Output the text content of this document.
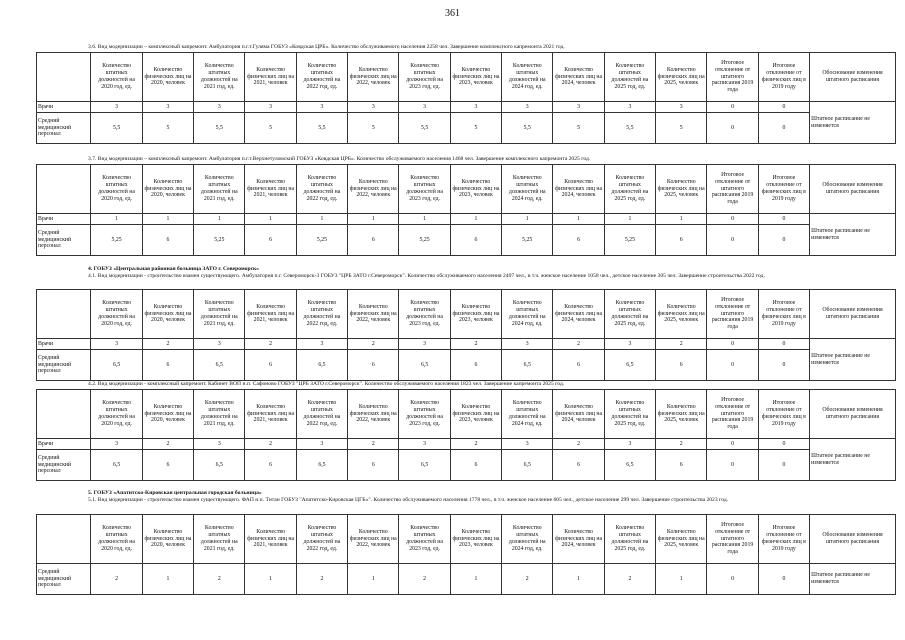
361
3.6. Вид модернизации – комплексный капремонт. Амбулатория п.г.т.Гуляма ГОБУЗ «Ковдская ЦРБ». Количество обслуживаемого населения 2258 чел. Завершение комплексного капремонта 2021 год.
	Количество штатных должностей на 2020 год, ед.	Количество физических лиц на 2020, человек	Количество штатных должностей на 2021 год, ед.	Количество физических лиц на 2021, человек	Количество штатных должностей на 2022 год, ед.	Количество физических лиц на 2022, человек	Количество штатных должностей на 2023 год, ед.	Количество физических лиц на 2023, человек	Количество штатных должностей на 2024 год, ед.	Количество физических лиц на 2024, человек	Количество штатных должностей на 2025 год, ед.	Количество физических лиц на 2025, человек	Итоговое отклонение от штатного расписания 2019 года	Итоговое отклонение от физических лиц в 2019 году	Обоснование изменения штатного расписания
Врачи	3	3	3	3	3	3	3	3	3	3	3	3	0	0	Штатное расписание не изменяется
Средний медицинский персонал	5,5	5	5,5	5	5,5	5	5,5	5	5,5	5	5,5	5	0	0	
3.7. Вид модернизации – комплексный капремонт. Амбулатория п.г.т.Верхнетуломский ГОБУЗ «Ковдская ЦРБ». Количество обслуживаемого населения 1468 чел. Завершение комплексного капремонта 2025 год.
	Количество штатных должностей на 2020 год, ед.	Количество физических лиц на 2020, человек	Количество штатных должностей на 2021 год, ед.	Количество физических лиц на 2021, человек	Количество штатных должностей на 2022 год, ед.	Количество физических лиц на 2022, человек	Количество штатных должностей на 2023 год, ед.	Количество физических лиц на 2023, человек	Количество штатных должностей на 2024 год, ед.	Количество физических лиц на 2024, человек	Количество штатных должностей на 2025 год, ед.	Количество физических лиц на 2025, человек	Итоговое отклонение от штатного расписания 2019 года	Итоговое отклонение от физических лиц в 2019 году	Обоснование изменения штатного расписания
Врачи	1	1	1	1	1	1	1	1	1	1	1	1	0	0	Штатное расписание не изменяется
Средний медицинский персонал	5,25	6	5,25	6	5,25	6	5,25	6	5,25	6	5,25	6	0	0	
4. ГОБУЗ «Центральная районная больница ЗАТО г. Североморск»
4.1. Вид модернизации - строительство взамен существующего. Амбулатория п.г. Североморск-3 ГОБУЗ "ЦРБ ЗАТО г.Североморск". Количество обслуживаемого населения 2407 чел., в т.ч. женское население 1058 чел., детское население 305 чел. Завершение строительства 2022 год.
	Количество штатных должностей на 2020 год, ед.	Количество физических лиц на 2020, человек	Количество штатных должностей на 2021 год, ед.	Количество физических лиц на 2021, человек	Количество штатных должностей на 2022 год, ед.	Количество физических лиц на 2022, человек	Количество штатных должностей на 2023 год, ед.	Количество физических лиц на 2023, человек	Количество штатных должностей на 2024 год, ед.	Количество физических лиц на 2024, человек	Количество штатных должностей на 2025 год, ед.	Количество физических лиц на 2025, человек	Итоговое отклонение от штатного расписания 2019 года	Итоговое отклонение от физических лиц в 2019 году	Обоснование изменения штатного расписания
Врачи	3	2	3	2	3	2	3	2	3	2	3	2	0	0	Штатное расписание не изменяется
Средний медицинский персонал	6,5	6	6,5	6	6,5	6	6,5	6	6,5	6	6,5	6	0	0	
4.2. Вид модернизации - комплексный капремонт. Кабинет ВОП н.п. Сафоново ГОБУЗ "ЦРБ ЗАТО г.Североморск". Количество обслуживаемого населения 1823 чел. Завершение капремонта 2025 год.
	Количество штатных должностей на 2020 год, ед.	Количество физических лиц на 2020, человек	Количество штатных должностей на 2021 год, ед.	Количество физических лиц на 2021, человек	Количество штатных должностей на 2022 год, ед.	Количество физических лиц на 2022, человек	Количество штатных должностей на 2023 год, ед.	Количество физических лиц на 2023, человек	Количество штатных должностей на 2024 год, ед.	Количество физических лиц на 2024, человек	Количество штатных должностей на 2025 год, ед.	Количество физических лиц на 2025, человек	Итоговое отклонение от штатного расписания 2019 года	Итоговое отклонение от физических лиц в 2019 году	Обоснование изменения штатного расписания
Врачи	3	2	3	2	3	2	3	2	3	2	3	2	0	0	Штатное расписание не изменяется
Средний медицинский персонал	6,5	6	6,5	6	6,5	6	6,5	6	6,5	6	6,5	6	0	0	
5. ГОБУЗ «Апатитско-Кировская центральная городская больница»
5.1. Вид модернизации - строительство взамен существующего. ФАП н.п. Титан ГОБУЗ "Апатитско-Кировская ЦГБ»". Количество обслуживаемого населения 1778 чел., в т.ч. женское население 605 чел., детское население 299 чел. Завершение строительства 2023 год.
	Количество штатных должностей на 2020 год, ед.	Количество физических лиц на 2020, человек	Количество штатных должностей на 2021 год, ед.	Количество физических лиц на 2021, человек	Количество штатных должностей на 2022 год, ед.	Количество физических лиц на 2022, человек	Количество штатных должностей на 2023 год, ед.	Количество физических лиц на 2023, человек	Количество штатных должностей на 2024 год, ед.	Количество физических лиц на 2024, человек	Количество штатных должностей на 2025 год, ед.	Количество физических лиц на 2025, человек	Итоговое отклонение от штатного расписания 2019 года	Итоговое отклонение от физических лиц в 2019 году	Обоснование изменения штатного расписания
Средний медицинский персонал	2	1	2	1	2	1	2	1	2	1	2	1	0	0	Штатное расписание не изменяется
